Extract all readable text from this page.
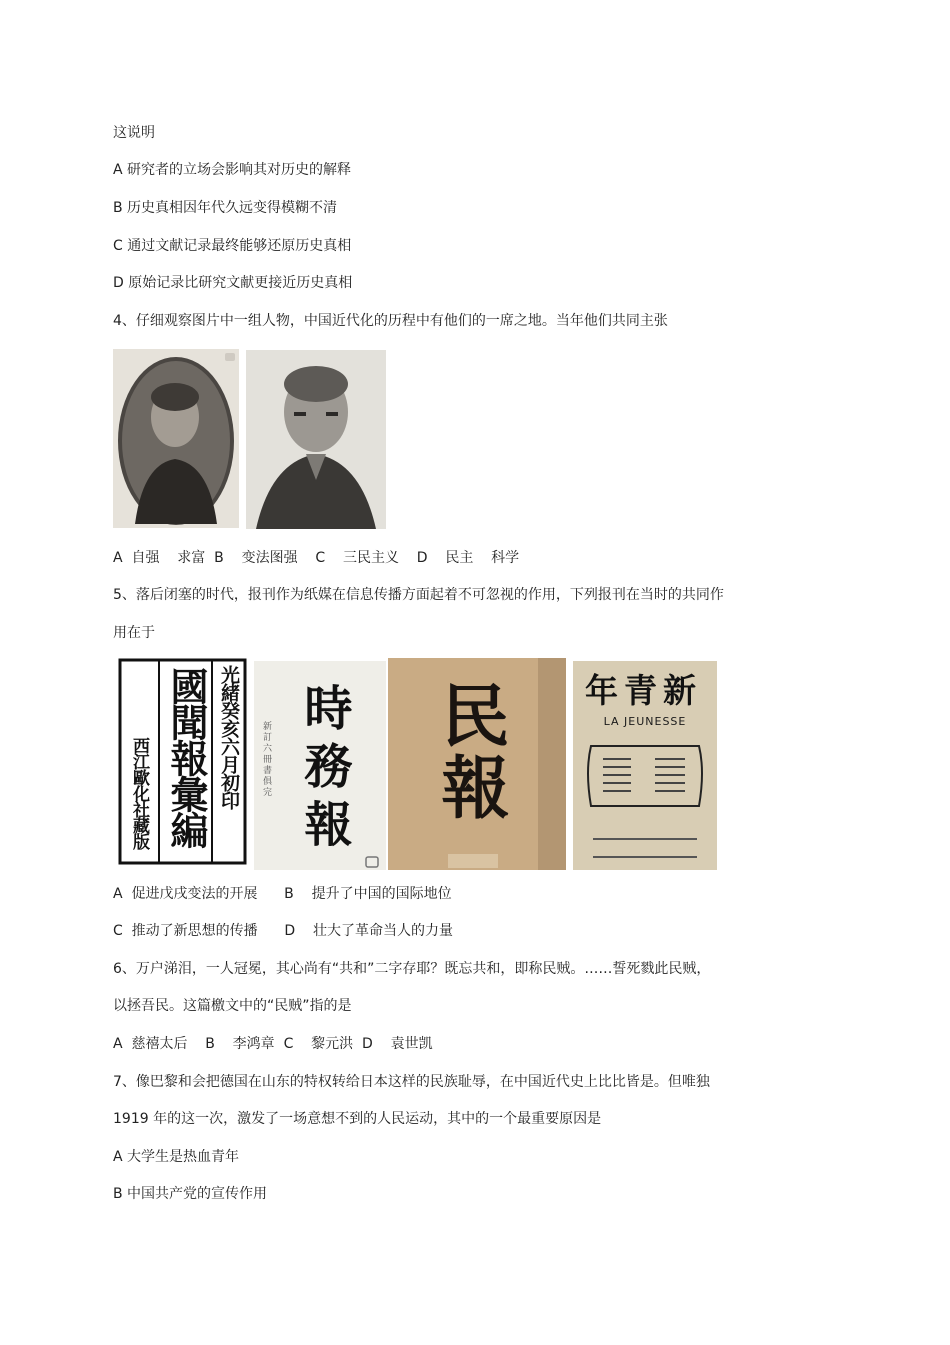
这说明
A 研究者的立场会影响其对历史的解释
B 历史真相因年代久远变得模糊不清
C 通过文献记录最终能够还原历史真相
D 原始记录比研究文献更接近历史真相
4、仔细观察图片中一组人物，中国近代化的历程中有他们的一席之地。当年他们共同主张
A  自强    求富  B    变法图强    C    三民主义    D    民主    科学
5、落后闭塞的时代，报刊作为纸媒在信息传播方面起着不可忽视的作用，下列报刊在当时的共同作
用在于
國聞報彙編 光緒癸亥六月初印
西江歐化社藏版	時務報
新訂六冊書俱完 民報 新青年
LA JEUNESSE
A  促进戊戌变法的开展      B    提升了中国的国际地位
C  推动了新思想的传播      D    壮大了革命当人的力量
6、万户涕泪，一人冠冕，其心尚有“共和”二字存耶？既忘共和，即称民贼。……誓死戮此民贼，
以拯吾民。这篇檄文中的“民贼”指的是
A  慈禧太后    B    李鸿章  C    黎元洪  D    袁世凯
7、像巴黎和会把德国在山东的特权转给日本这样的民族耻辱，在中国近代史上比比皆是。但唯独
1919 年的这一次，激发了一场意想不到的人民运动，其中的一个最重要原因是
A 大学生是热血青年
B 中国共产党的宣传作用
